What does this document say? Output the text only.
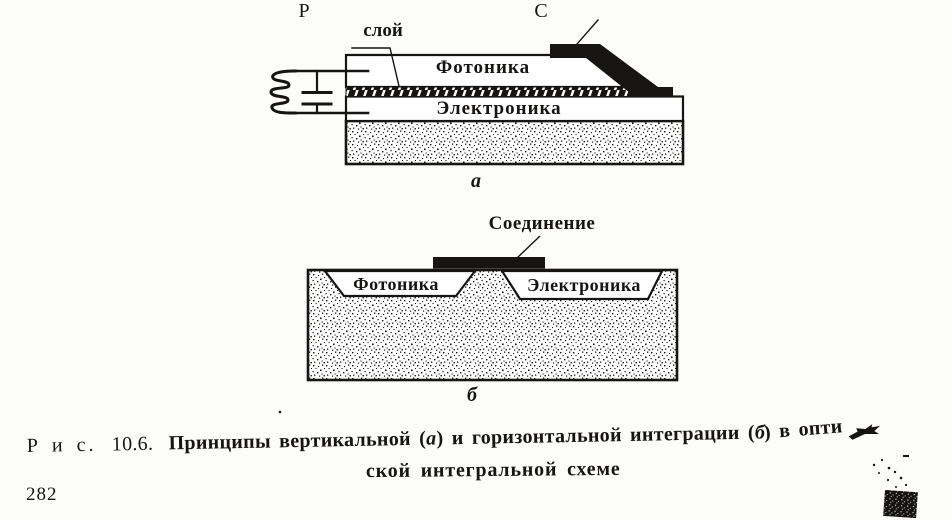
Р	С
слой
Фотоника
Электроника
а
Соединение
Фотоника	Электроника
б
Р и с. 10.6. Принципы вертикальной (а) и горизонтальной интеграции (б) в опти
ской интегральной схеме
282
